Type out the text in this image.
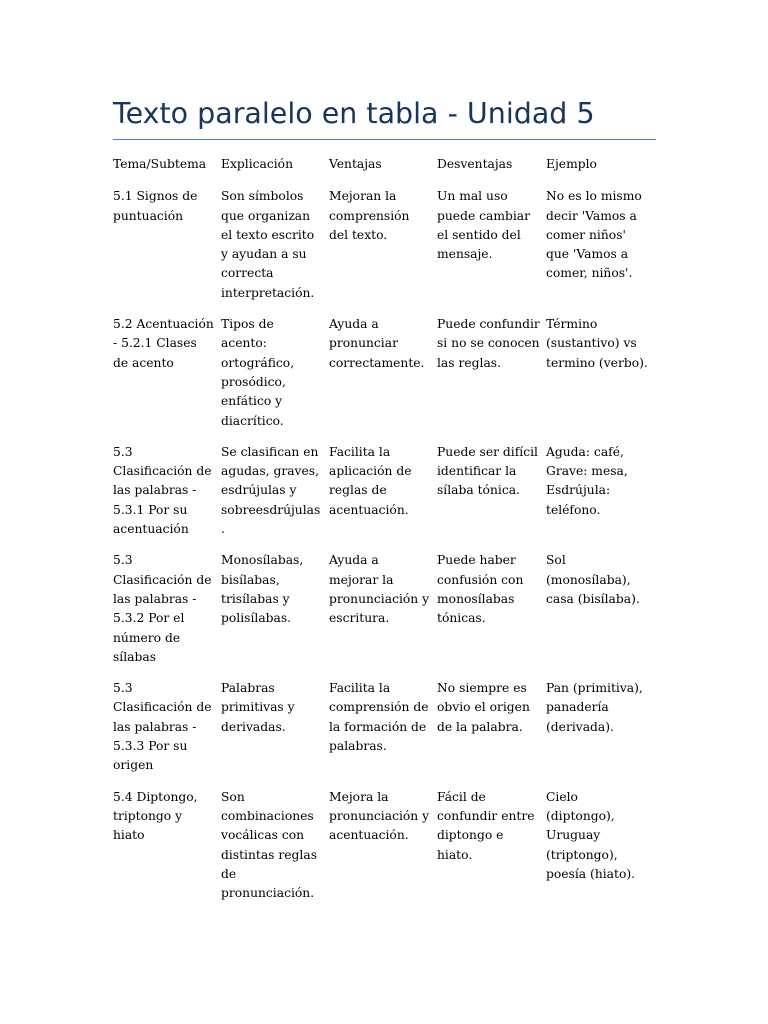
Texto paralelo en tabla - Unidad 5
Tema/Subtema	Explicación	Ventajas	Desventajas	Ejemplo
5.1 Signos de puntuación	Son símbolos que organizan el texto escrito y ayudan a su correcta interpretación.	Mejoran la comprensión del texto.	Un mal uso puede cambiar el sentido del mensaje.	No es lo mismo decir 'Vamos a comer niños' que 'Vamos a comer, niños'.
5.2 Acentuación - 5.2.1 Clases de acento	Tipos de acento: ortográfico, prosódico, enfático y diacrítico.	Ayuda a pronunciar correctamente.	Puede confundir si no se conocen las reglas.	Término (sustantivo) vs termino (verbo).
5.3 Clasificación de las palabras - 5.3.1 Por su acentuación	Se clasifican en agudas, graves, esdrújulas y sobreesdrújulas.	Facilita la aplicación de reglas de acentuación.	Puede ser difícil identificar la sílaba tónica.	Aguda: café, Grave: mesa, Esdrújula: teléfono.
5.3 Clasificación de las palabras - 5.3.2 Por el número de sílabas	Monosílabas, bisílabas, trisílabas y polisílabas.	Ayuda a mejorar la pronunciación y escritura.	Puede haber confusión con monosílabas tónicas.	Sol (monosílaba), casa (bisílaba).
5.3 Clasificación de las palabras - 5.3.3 Por su origen	Palabras primitivas y derivadas.	Facilita la comprensión de la formación de palabras.	No siempre es obvio el origen de la palabra.	Pan (primitiva), panadería (derivada).
5.4 Diptongo, triptongo y hiato	Son combinaciones vocálicas con distintas reglas de pronunciación.	Mejora la pronunciación y acentuación.	Fácil de confundir entre diptongo e hiato.	Cielo (diptongo), Uruguay (triptongo), poesía (hiato).
